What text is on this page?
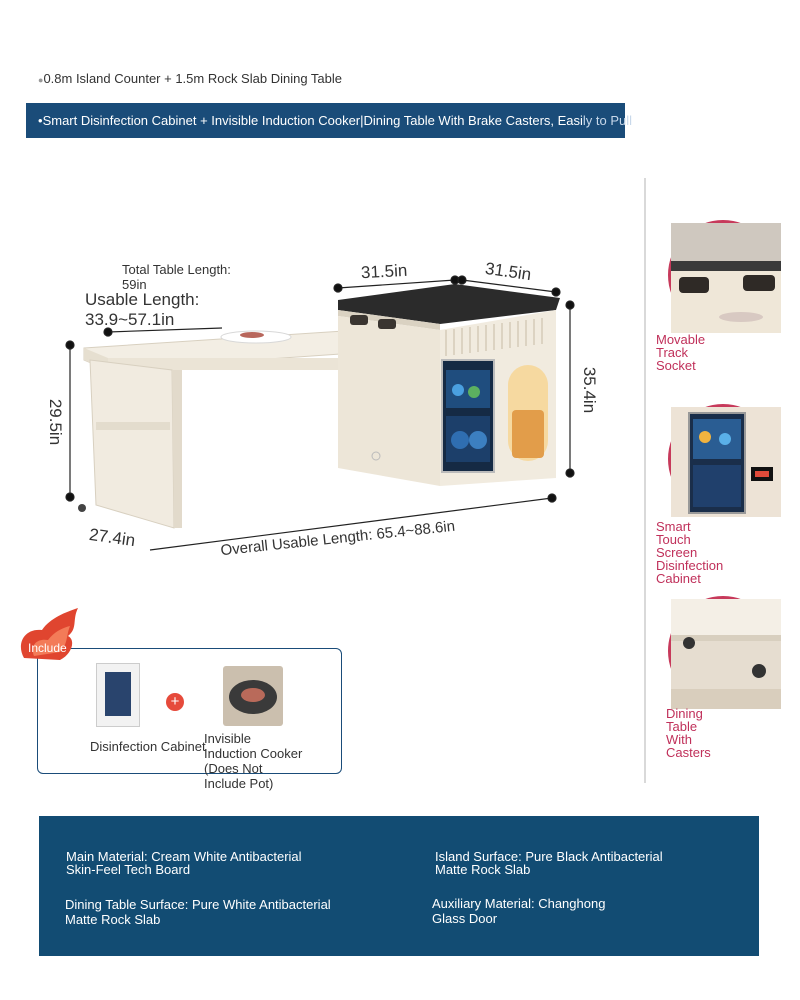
●0.8m Island Counter + 1.5m Rock Slab Dining Table
•Smart Disinfection Cabinet + Invisible Induction Cooker|Dining Table With Brake Casters, Easily to Pull
Total Table Length:
59in
Usable Length:
33.9~57.1in
31.5in	31.5in
35.4in
29.5in
27.4in	Overall Usable Length: 65.4~88.6in
Movable Track
Socket
Smart Touch Screen
Disinfection Cabinet
Dining Table With
Casters
+
Disinfection Cabinet
Invisible
Induction Cooker
(Does Not
Include Pot)
Include
Main Material: Cream White Antibacterial
Skin-Feel Tech Board
Island Surface: Pure Black Antibacterial
Matte Rock Slab
Dining Table Surface: Pure White Antibacterial
Matte Rock Slab
Auxiliary Material: Changhong
Glass Door
